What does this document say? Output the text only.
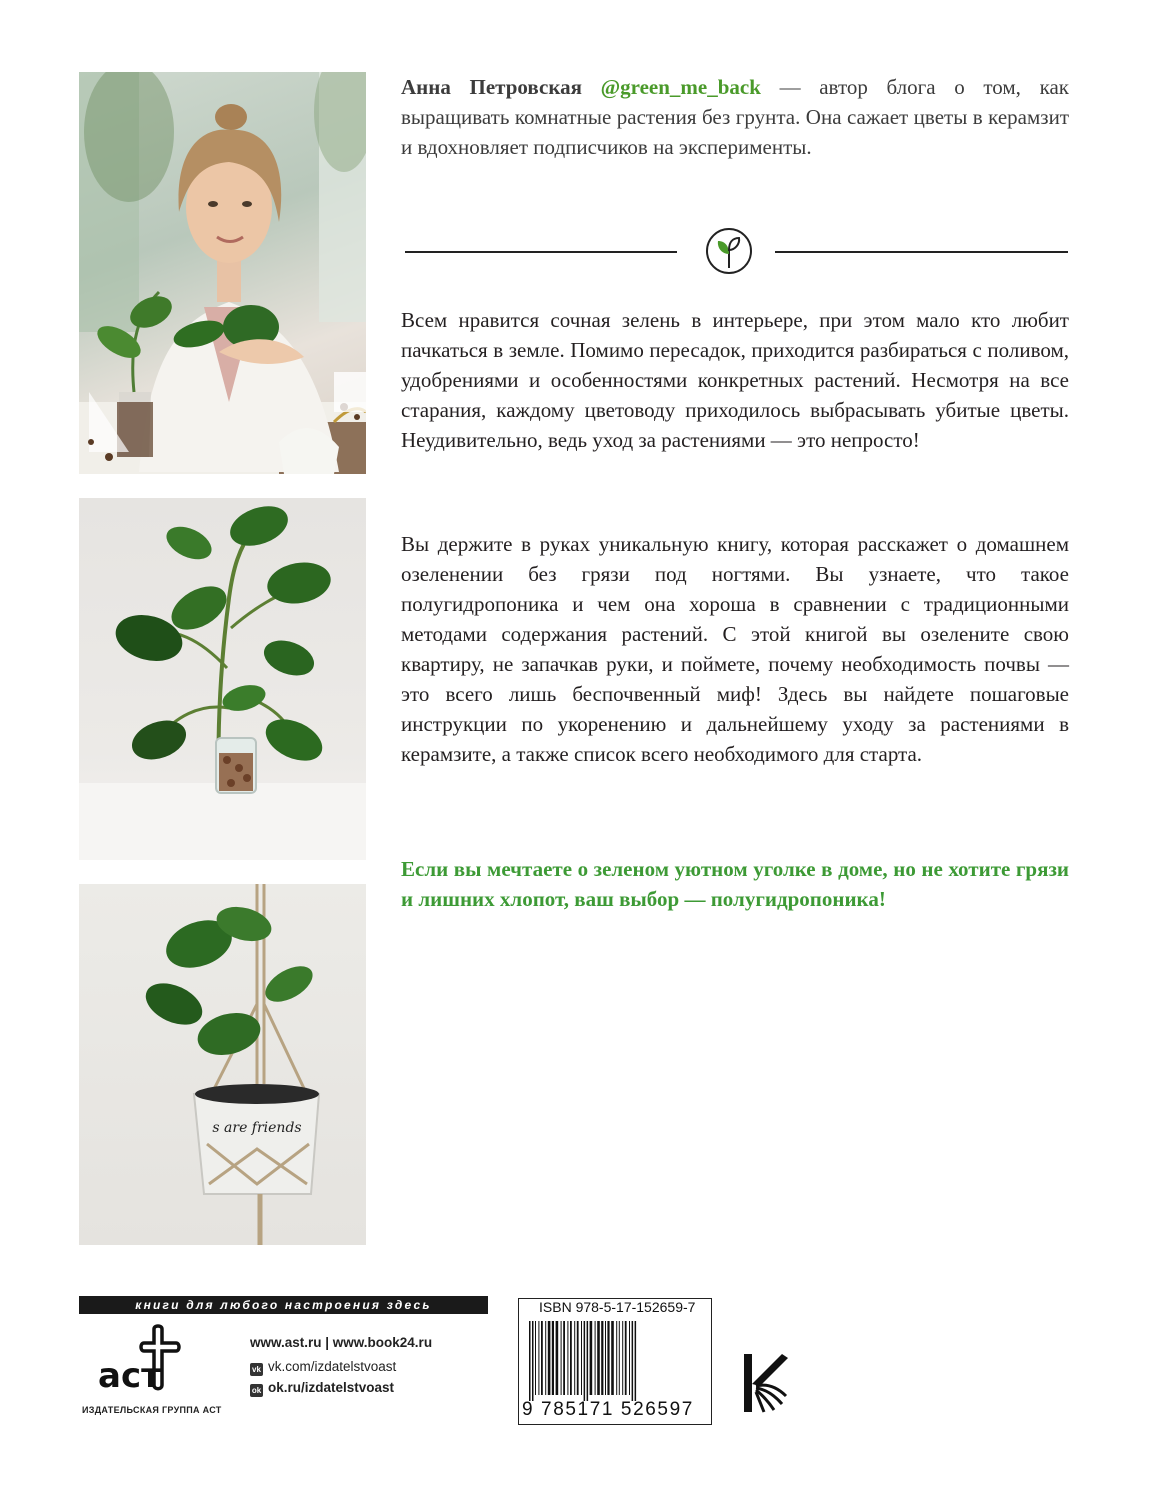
s are friends

Анна Петровская @green_me_back — автор блога о том, как выращивать комнатные растения без грунта. Она сажает цветы в керамзит и вдохновляет подписчиков на эксперименты.

Всем нравится сочная зелень в интерьере, при этом мало кто любит пачкаться в земле. Помимо пересадок, приходится разбираться с поливом, удобрениями и особенностями конкретных растений. Несмотря на все старания, каждому цветоводу приходилось выбрасывать убитые цветы. Неудивительно, ведь уход за растениями — это непросто!

Вы держите в руках уникальную книгу, которая расскажет о домашнем озеленении без грязи под ногтями. Вы узнаете, что такое полугидропоника и чем она хороша в сравнении с традиционными методами содержания растений. С этой книгой вы озелените свою квартиру, не запачкав руки, и поймете, почему необходимость почвы — это всего лишь беспочвенный миф! Здесь вы найдете пошаговые инструкции по укоренению и дальнейшему уходу за растениями в керамзите, а также список всего необходимого для старта.

Если вы мечтаете о зеленом уютном уголке в доме, но не хотите грязи и лишних хлопот, ваш выбор — полугидропоника!

книги для любого настроения здесь
аст
ИЗДАТЕЛЬСКАЯ ГРУППА АСТ
www.ast.ru | www.book24.ru
vk vk.com/izdatelstvoast
ok ok.ru/izdatelstvoast
ISBN 978-5-17-152659-7
9 785171 526597
